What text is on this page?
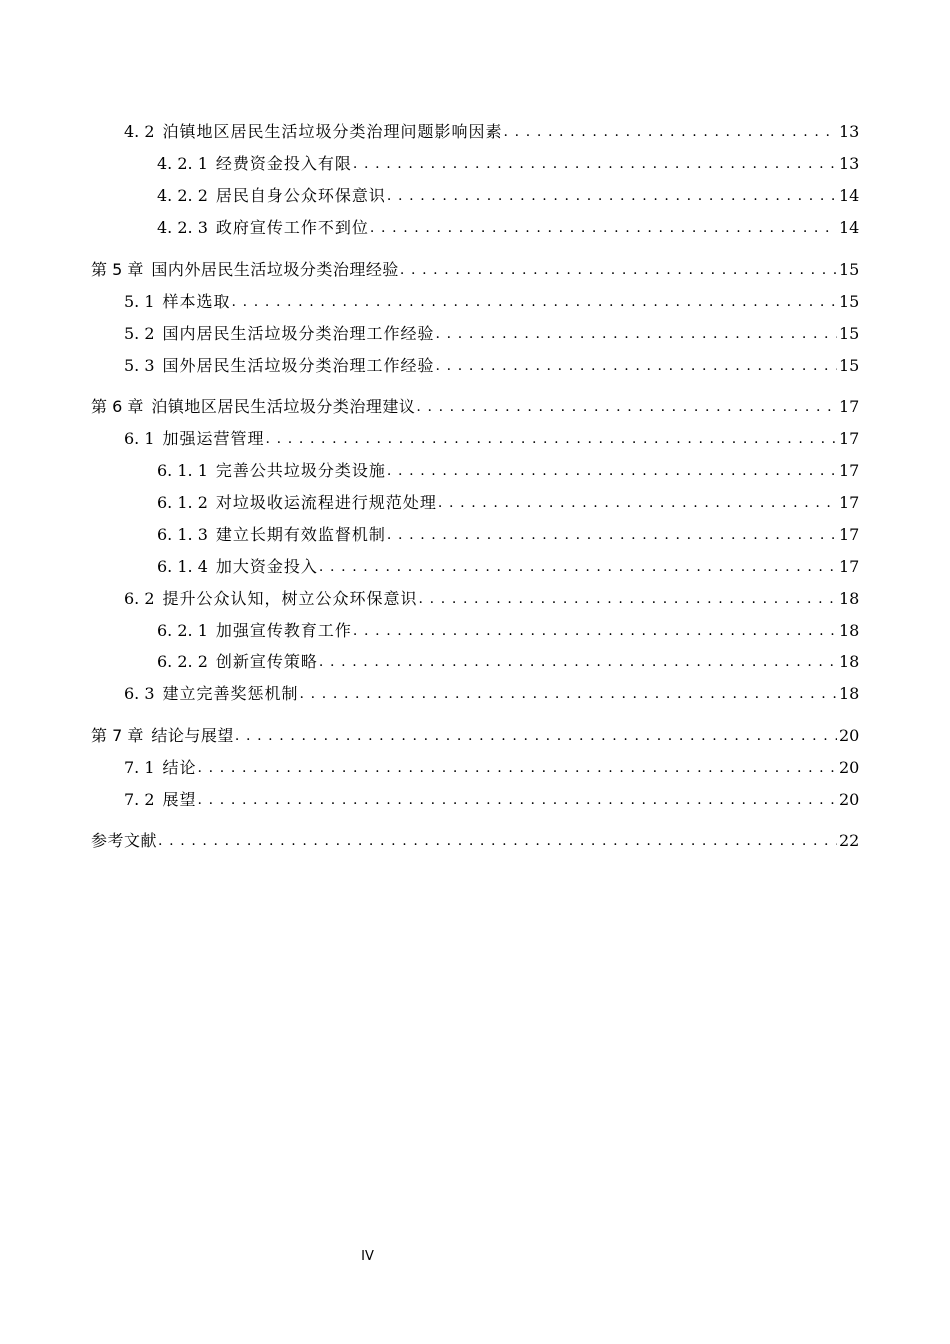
4. 2 泊镇地区居民生活垃圾分类治理问题影响因素 . . .	13
4. 2. 1 经费资金投入有限 . . .	13
4. 2. 2 居民自身公众环保意识 . . .	14
4. 2. 3 政府宣传工作不到位 . . .	14
第 5 章 国内外居民生活垃圾分类治理经验 . . .	15
5. 1 样本选取 . . .	15
5. 2 国内居民生活垃圾分类治理工作经验 . . .	15
5. 3 国外居民生活垃圾分类治理工作经验 . . .	15
第 6 章 泊镇地区居民生活垃圾分类治理建议 . . .	17
6. 1 加强运营管理 . . .	17
6. 1. 1 完善公共垃圾分类设施 . . .	17
6. 1. 2 对垃圾收运流程进行规范处理 . . .	17
6. 1. 3 建立长期有效监督机制 . . .	17
6. 1. 4 加大资金投入 . . .	17
6. 2 提升公众认知，树立公众环保意识 . . .	18
6. 2. 1 加强宣传教育工作 . . .	18
6. 2. 2 创新宣传策略 . . .	18
6. 3 建立完善奖惩机制 . . .	18
第 7 章 结论与展望 . . .	20
7. 1 结论 . . .	20
7. 2 展望 . . .	20
参考文献 . . .	22
IV
